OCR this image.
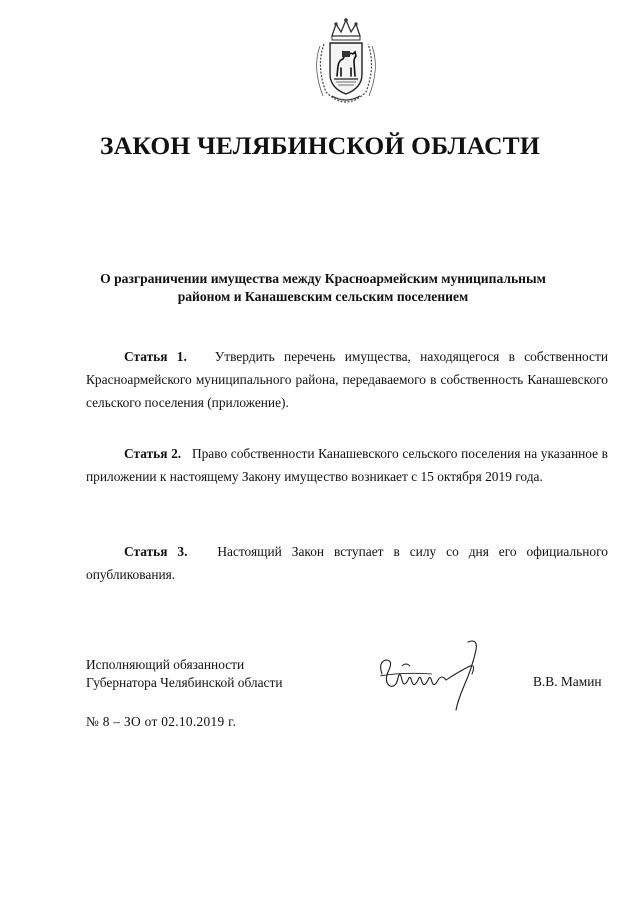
ЗАКОН ЧЕЛЯБИНСКОЙ ОБЛАСТИ
О разграничении имущества между Красноармейским муниципальным
районом и Канашевским сельским поселением
Статья 1. Утвердить перечень имущества, находящегося в собственности Красноармейского муниципального района, передаваемого в собственность Канашевского сельского поселения (приложение).
Статья 2. Право собственности Канашевского сельского поселения на указанное в приложении к настоящему Закону имущество возникает с 15 октября 2019 года.
Статья 3. Настоящий Закон вступает в силу со дня его официального опубликования.
Исполняющий обязанности
Губернатора Челябинской области	В.В. Мамин
№ 8 – ЗО от 02.10.2019 г.
